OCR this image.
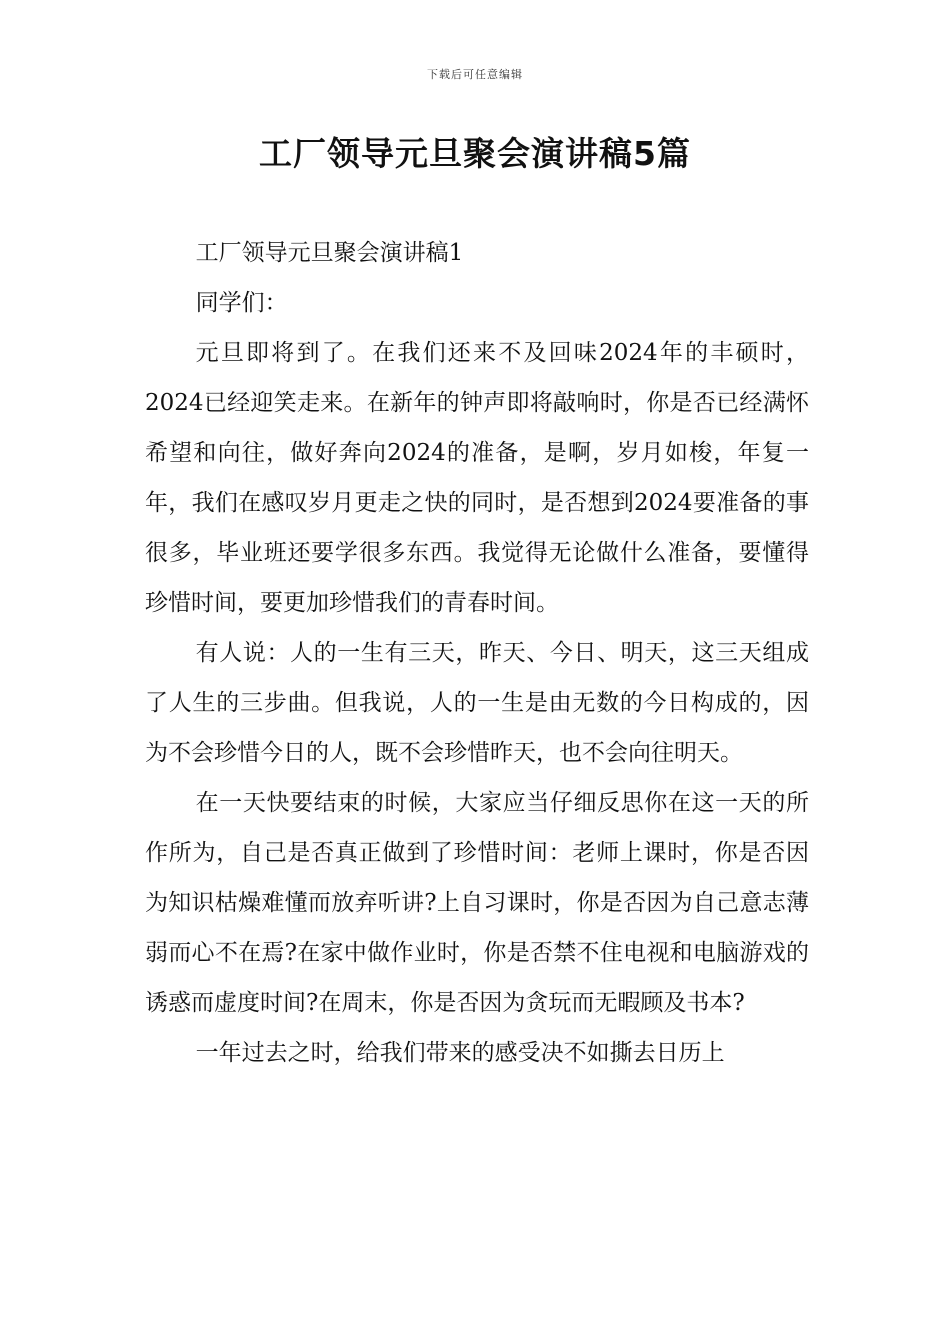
下载后可任意编辑
工厂领导元旦聚会演讲稿5篇

工厂领导元旦聚会演讲稿1

同学们：

元旦即将到了。在我们还来不及回味2024年的丰硕时，2024已经迎笑走来。在新年的钟声即将敲响时，你是否已经满怀希望和向往，做好奔向2024的准备，是啊，岁月如梭，年复一年，我们在感叹岁月更走之快的同时，是否想到2024要准备的事很多，毕业班还要学很多东西。我觉得无论做什么准备，要懂得珍惜时间，要更加珍惜我们的青春时间。

有人说：人的一生有三天，昨天、今日、明天，这三天组成了人生的三步曲。但我说，人的一生是由无数的今日构成的，因为不会珍惜今日的人，既不会珍惜昨天，也不会向往明天。

在一天快要结束的时候，大家应当仔细反思你在这一天的所作所为，自己是否真正做到了珍惜时间：老师上课时，你是否因为知识枯燥难懂而放弃听讲?上自习课时，你是否因为自己意志薄弱而心不在焉?在家中做作业时，你是否禁不住电视和电脑游戏的诱惑而虚度时间?在周末，你是否因为贪玩而无暇顾及书本?

一年过去之时，给我们带来的感受决不如撕去日历上
